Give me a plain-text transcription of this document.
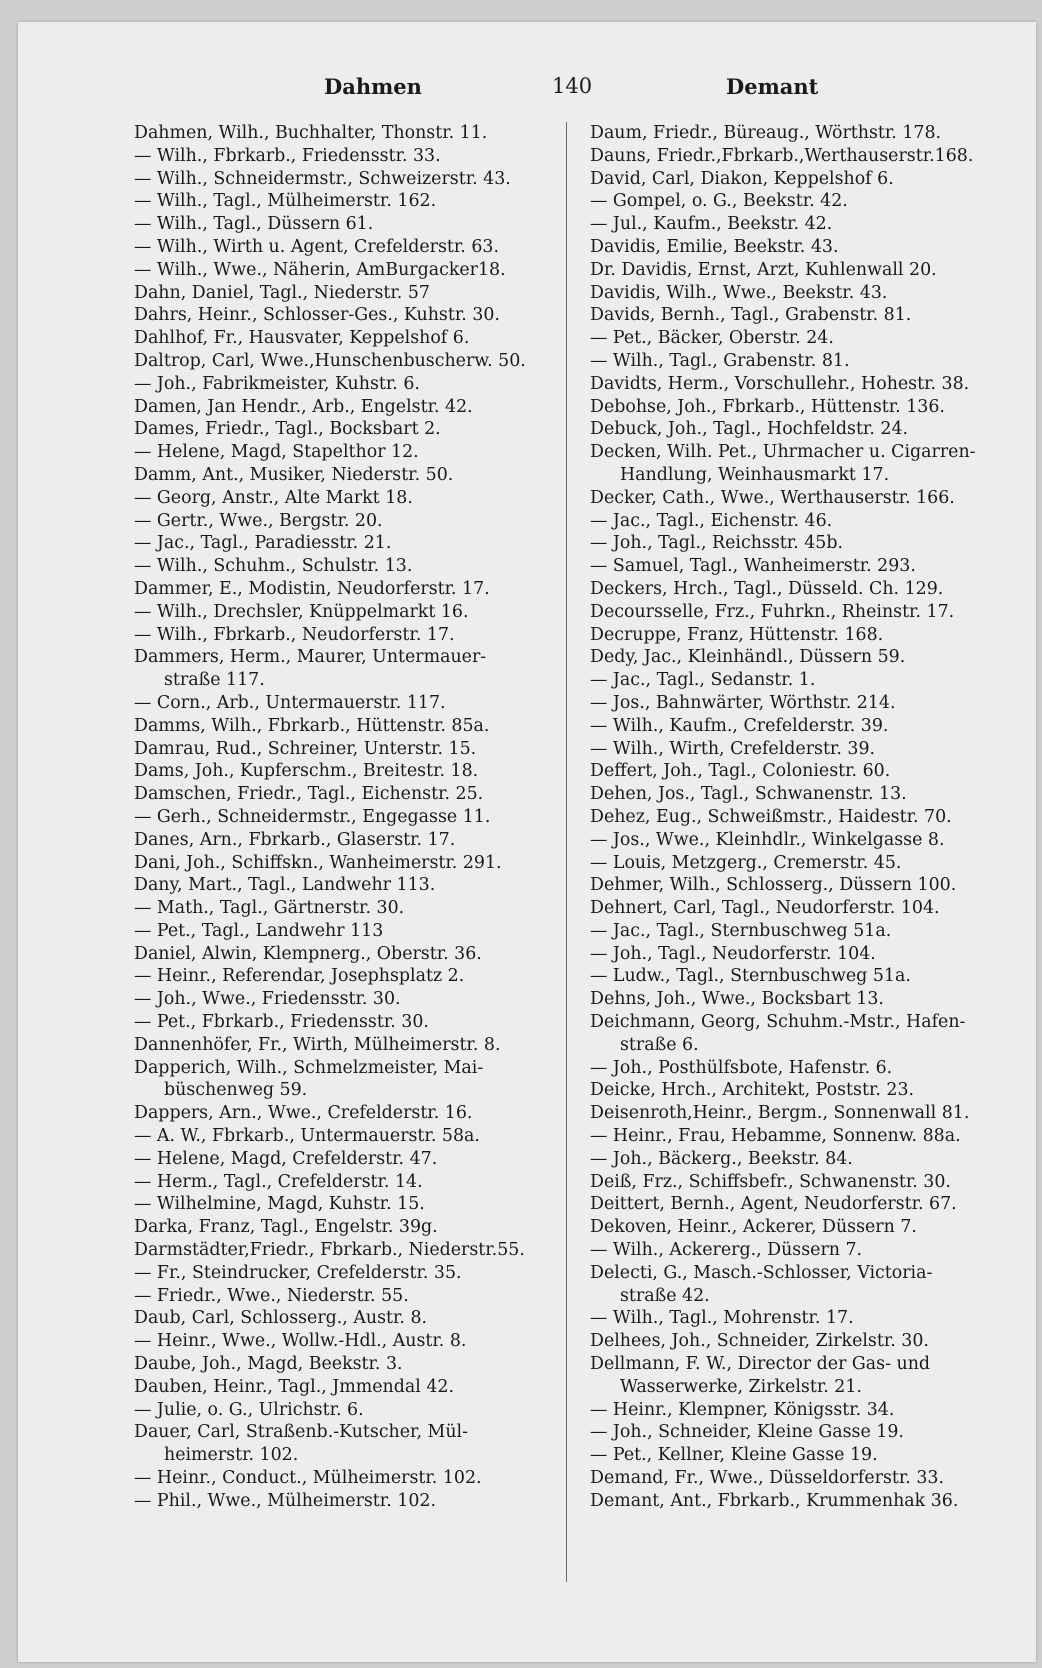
Dahmen	140	Demant
Dahmen, Wilh., Buchhalter, Thonstr. 11.
— Wilh., Fbrkarb., Friedensstr. 33.
— Wilh., Schneidermstr., Schweizerstr. 43.
— Wilh., Tagl., Mülheimerstr. 162.
— Wilh., Tagl., Düssern 61.
— Wilh., Wirth u. Agent, Crefelderstr. 63.
— Wilh., Wwe., Näherin, AmBurgacker18.
Dahn, Daniel, Tagl., Niederstr. 57
Dahrs, Heinr., Schlosser-Ges., Kuhstr. 30.
Dahlhof, Fr., Hausvater, Keppelshof 6.
Daltrop, Carl, Wwe.,Hunschenbuscherw. 50.
— Joh., Fabrikmeister, Kuhstr. 6.
Damen, Jan Hendr., Arb., Engelstr. 42.
Dames, Friedr., Tagl., Bocksbart 2.
— Helene, Magd, Stapelthor 12.
Damm, Ant., Musiker, Niederstr. 50.
— Georg, Anstr., Alte Markt 18.
— Gertr., Wwe., Bergstr. 20.
— Jac., Tagl., Paradiesstr. 21.
— Wilh., Schuhm., Schulstr. 13.
Dammer, E., Modistin, Neudorferstr. 17.
— Wilh., Drechsler, Knüppelmarkt 16.
— Wilh., Fbrkarb., Neudorferstr. 17.
Dammers, Herm., Maurer, Untermauer-
straße 117.
— Corn., Arb., Untermauerstr. 117.
Damms, Wilh., Fbrkarb., Hüttenstr. 85a.
Damrau, Rud., Schreiner, Unterstr. 15.
Dams, Joh., Kupferschm., Breitestr. 18.
Damschen, Friedr., Tagl., Eichenstr. 25.
— Gerh., Schneidermstr., Engegasse 11.
Danes, Arn., Fbrkarb., Glaserstr. 17.
Dani, Joh., Schiffskn., Wanheimerstr. 291.
Dany, Mart., Tagl., Landwehr 113.
— Math., Tagl., Gärtnerstr. 30.
— Pet., Tagl., Landwehr 113
Daniel, Alwin, Klempnerg., Oberstr. 36.
— Heinr., Referendar, Josephsplatz 2.
— Joh., Wwe., Friedensstr. 30.
— Pet., Fbrkarb., Friedensstr. 30.
Dannenhöfer, Fr., Wirth, Mülheimerstr. 8.
Dapperich, Wilh., Schmelzmeister, Mai-
büschenweg 59.
Dappers, Arn., Wwe., Crefelderstr. 16.
— A. W., Fbrkarb., Untermauerstr. 58a.
— Helene, Magd, Crefelderstr. 47.
— Herm., Tagl., Crefelderstr. 14.
— Wilhelmine, Magd, Kuhstr. 15.
Darka, Franz, Tagl., Engelstr. 39g.
Darmstädter,Friedr., Fbrkarb., Niederstr.55.
— Fr., Steindrucker, Crefelderstr. 35.
— Friedr., Wwe., Niederstr. 55.
Daub, Carl, Schlosserg., Austr. 8.
— Heinr., Wwe., Wollw.-Hdl., Austr. 8.
Daube, Joh., Magd, Beekstr. 3.
Dauben, Heinr., Tagl., Jmmendal 42.
— Julie, o. G., Ulrichstr. 6.
Dauer, Carl, Straßenb.-Kutscher, Mül-
heimerstr. 102.
— Heinr., Conduct., Mülheimerstr. 102.
— Phil., Wwe., Mülheimerstr. 102.
Daum, Friedr., Büreaug., Wörthstr. 178.
Dauns, Friedr.,Fbrkarb.,Werthauserstr.168.
David, Carl, Diakon, Keppelshof 6.
— Gompel, o. G., Beekstr. 42.
— Jul., Kaufm., Beekstr. 42.
Davidis, Emilie, Beekstr. 43.
Dr. Davidis, Ernst, Arzt, Kuhlenwall 20.
Davidis, Wilh., Wwe., Beekstr. 43.
Davids, Bernh., Tagl., Grabenstr. 81.
— Pet., Bäcker, Oberstr. 24.
— Wilh., Tagl., Grabenstr. 81.
Davidts, Herm., Vorschullehr., Hohestr. 38.
Debohse, Joh., Fbrkarb., Hüttenstr. 136.
Debuck, Joh., Tagl., Hochfeldstr. 24.
Decken, Wilh. Pet., Uhrmacher u. Cigarren-
Handlung, Weinhausmarkt 17.
Decker, Cath., Wwe., Werthauserstr. 166.
— Jac., Tagl., Eichenstr. 46.
— Joh., Tagl., Reichsstr. 45b.
— Samuel, Tagl., Wanheimerstr. 293.
Deckers, Hrch., Tagl., Düsseld. Ch. 129.
Decoursselle, Frz., Fuhrkn., Rheinstr. 17.
Decruppe, Franz, Hüttenstr. 168.
Dedy, Jac., Kleinhändl., Düssern 59.
— Jac., Tagl., Sedanstr. 1.
— Jos., Bahnwärter, Wörthstr. 214.
— Wilh., Kaufm., Crefelderstr. 39.
— Wilh., Wirth, Crefelderstr. 39.
Deffert, Joh., Tagl., Coloniestr. 60.
Dehen, Jos., Tagl., Schwanenstr. 13.
Dehez, Eug., Schweißmstr., Haidestr. 70.
— Jos., Wwe., Kleinhdlr., Winkelgasse 8.
— Louis, Metzgerg., Cremerstr. 45.
Dehmer, Wilh., Schlosserg., Düssern 100.
Dehnert, Carl, Tagl., Neudorferstr. 104.
— Jac., Tagl., Sternbuschweg 51a.
— Joh., Tagl., Neudorferstr. 104.
— Ludw., Tagl., Sternbuschweg 51a.
Dehns, Joh., Wwe., Bocksbart 13.
Deichmann, Georg, Schuhm.-Mstr., Hafen-
straße 6.
— Joh., Posthülfsbote, Hafenstr. 6.
Deicke, Hrch., Architekt, Poststr. 23.
Deisenroth,Heinr., Bergm., Sonnenwall 81.
— Heinr., Frau, Hebamme, Sonnenw. 88a.
— Joh., Bäckerg., Beekstr. 84.
Deiß, Frz., Schiffsbefr., Schwanenstr. 30.
Deittert, Bernh., Agent, Neudorferstr. 67.
Dekoven, Heinr., Ackerer, Düssern 7.
— Wilh., Ackererg., Düssern 7.
Delecti, G., Masch.-Schlosser, Victoria-
straße 42.
— Wilh., Tagl., Mohrenstr. 17.
Delhees, Joh., Schneider, Zirkelstr. 30.
Dellmann, F. W., Director der Gas- und
Wasserwerke, Zirkelstr. 21.
— Heinr., Klempner, Königsstr. 34.
— Joh., Schneider, Kleine Gasse 19.
— Pet., Kellner, Kleine Gasse 19.
Demand, Fr., Wwe., Düsseldorferstr. 33.
Demant, Ant., Fbrkarb., Krummenhak 36.
